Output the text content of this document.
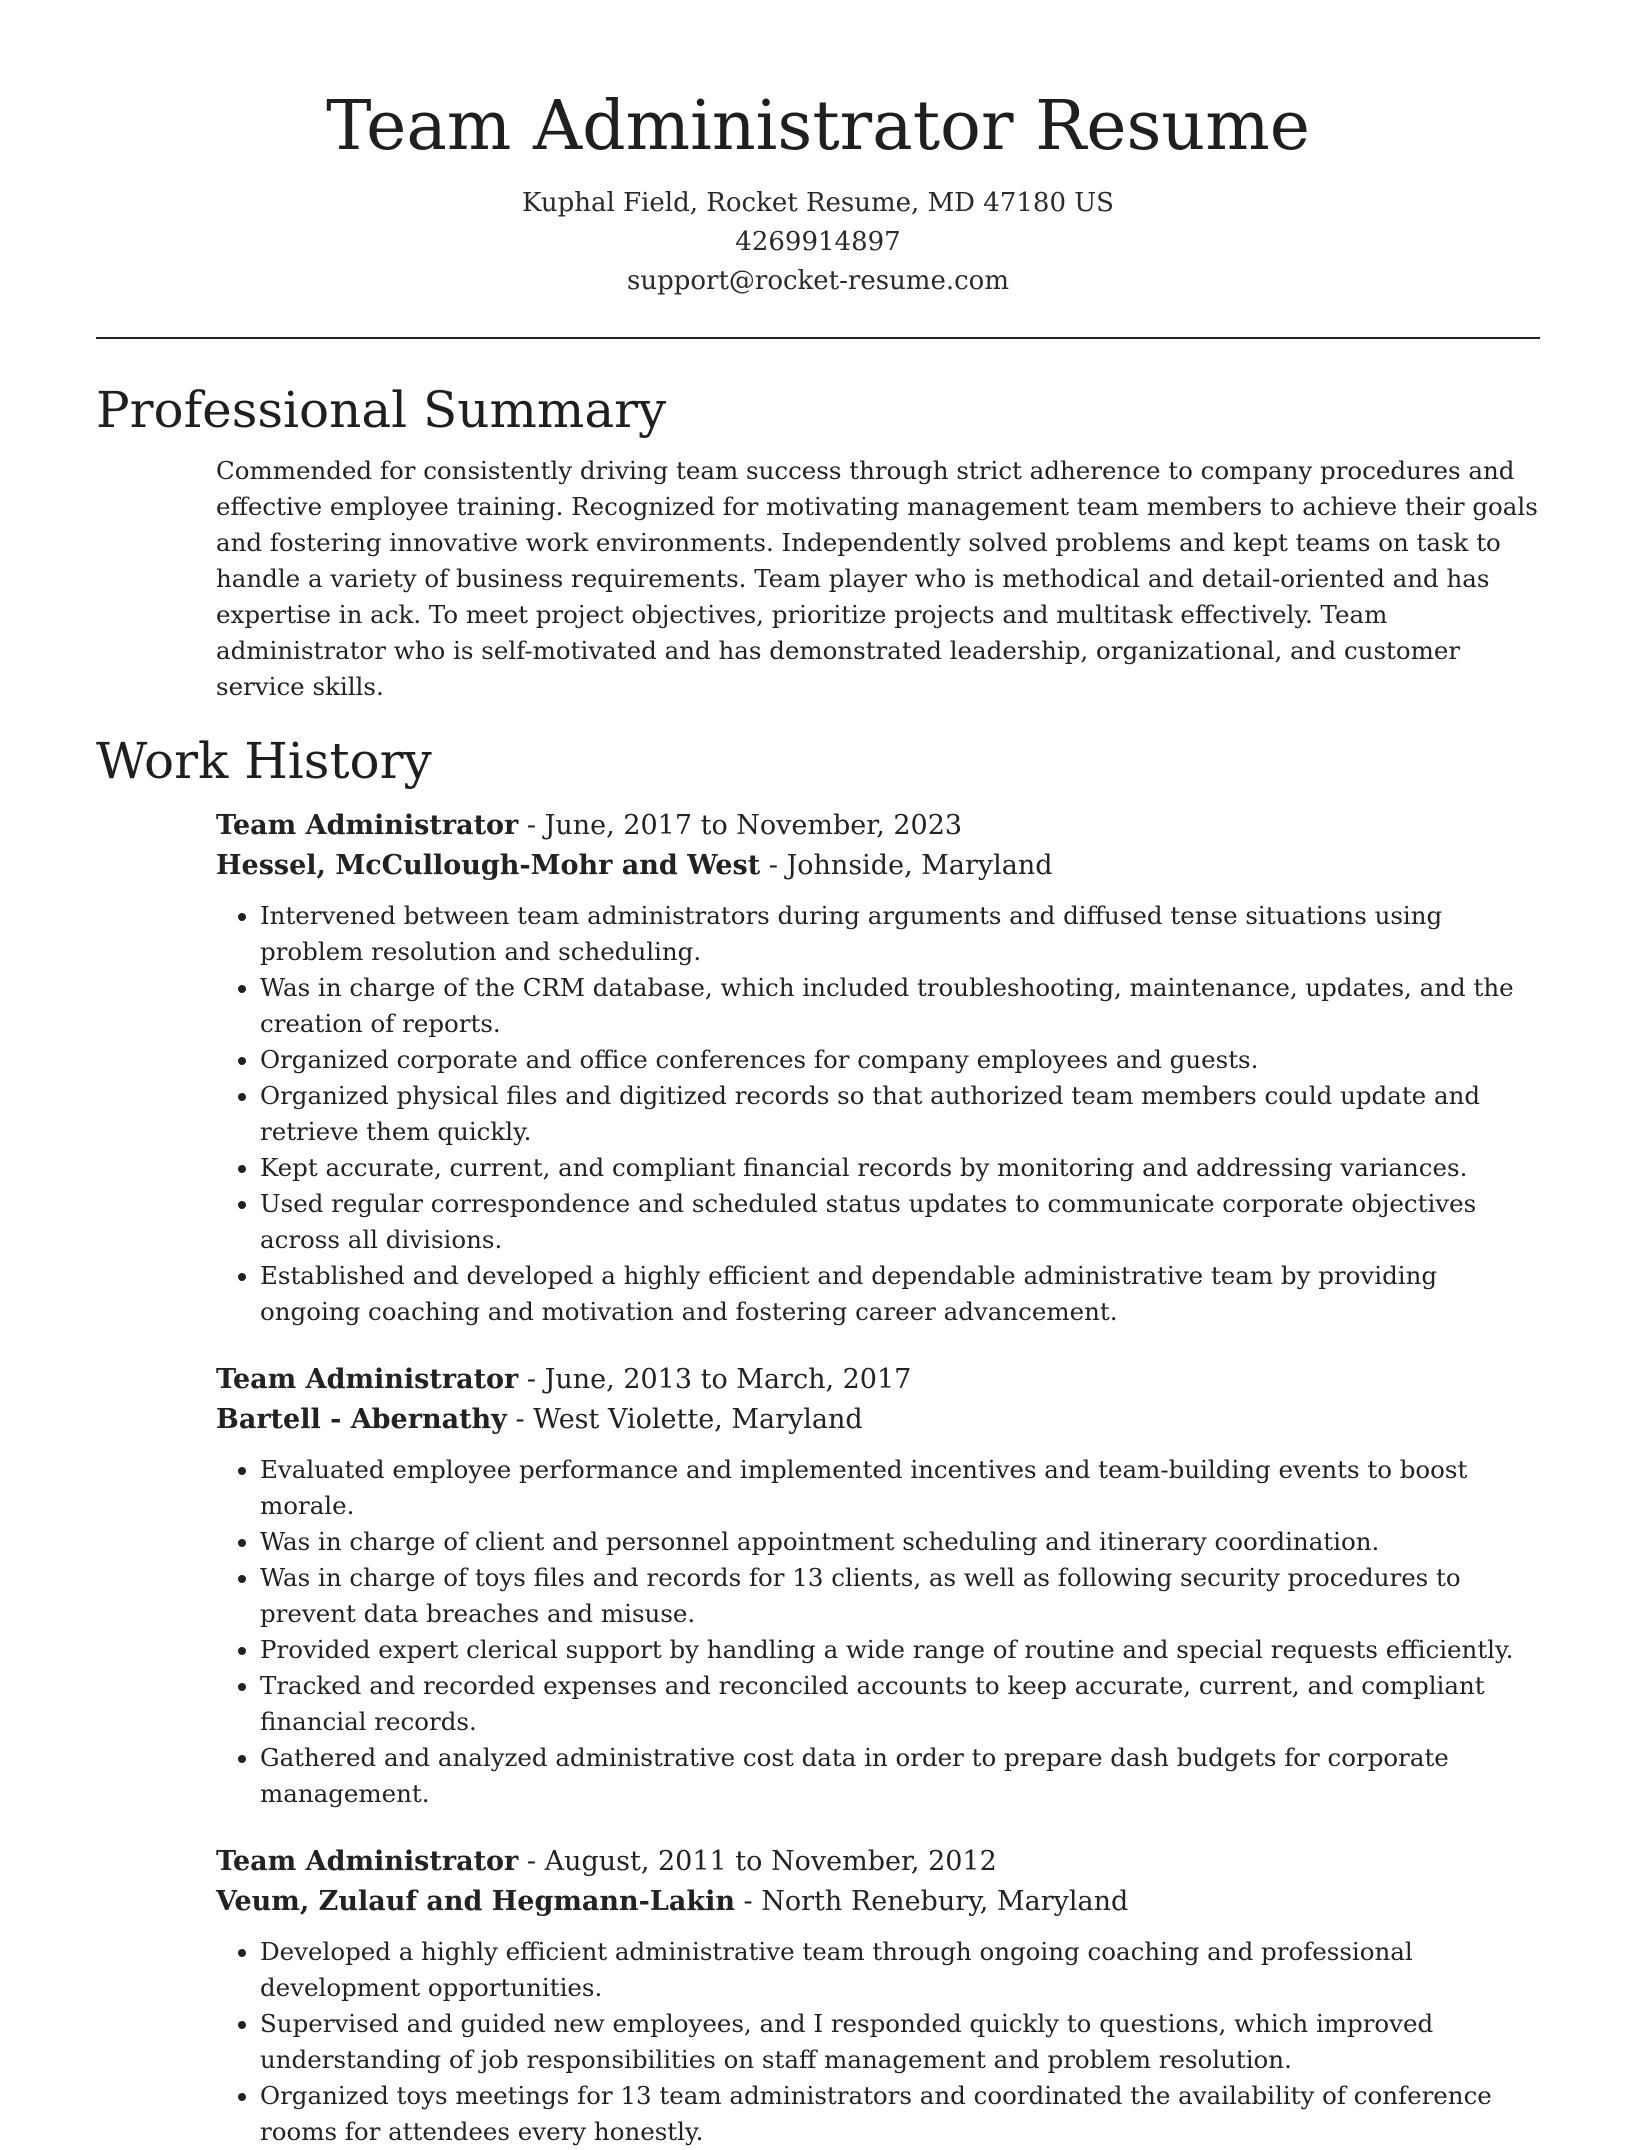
Team Administrator Resume
Kuphal Field, Rocket Resume, MD 47180 US
4269914897
support@rocket-resume.com
Professional Summary

Commended for consistently driving team success through strict adherence to company procedures and effective employee training. Recognized for motivating management team members to achieve their goals and fostering innovative work environments. Independently solved problems and kept teams on task to handle a variety of business requirements. Team player who is methodical and detail-oriented and has expertise in ack. To meet project objectives, prioritize projects and multitask effectively. Team administrator who is self-motivated and has demonstrated leadership, organizational, and customer service skills.

Work History
Team Administrator - June, 2017 to November, 2023
Hessel, McCullough-Mohr and West - Johnside, Maryland
• Intervened between team administrators during arguments and diffused tense situations using problem resolution and scheduling.
• Was in charge of the CRM database, which included troubleshooting, maintenance, updates, and the creation of reports.
• Organized corporate and office conferences for company employees and guests.
• Organized physical files and digitized records so that authorized team members could update and retrieve them quickly.
• Kept accurate, current, and compliant financial records by monitoring and addressing variances.
• Used regular correspondence and scheduled status updates to communicate corporate objectives across all divisions.
• Established and developed a highly efficient and dependable administrative team by providing ongoing coaching and motivation and fostering career advancement.
Team Administrator - June, 2013 to March, 2017
Bartell - Abernathy - West Violette, Maryland
• Evaluated employee performance and implemented incentives and team-building events to boost morale.
• Was in charge of client and personnel appointment scheduling and itinerary coordination.
• Was in charge of toys files and records for 13 clients, as well as following security procedures to prevent data breaches and misuse.
• Provided expert clerical support by handling a wide range of routine and special requests efficiently.
• Tracked and recorded expenses and reconciled accounts to keep accurate, current, and compliant financial records.
• Gathered and analyzed administrative cost data in order to prepare dash budgets for corporate management.
Team Administrator - August, 2011 to November, 2012
Veum, Zulauf and Hegmann-Lakin - North Renebury, Maryland
• Developed a highly efficient administrative team through ongoing coaching and professional development opportunities.
• Supervised and guided new employees, and I responded quickly to questions, which improved understanding of job responsibilities on staff management and problem resolution.
• Organized toys meetings for 13 team administrators and coordinated the availability of conference rooms for attendees every honestly.
